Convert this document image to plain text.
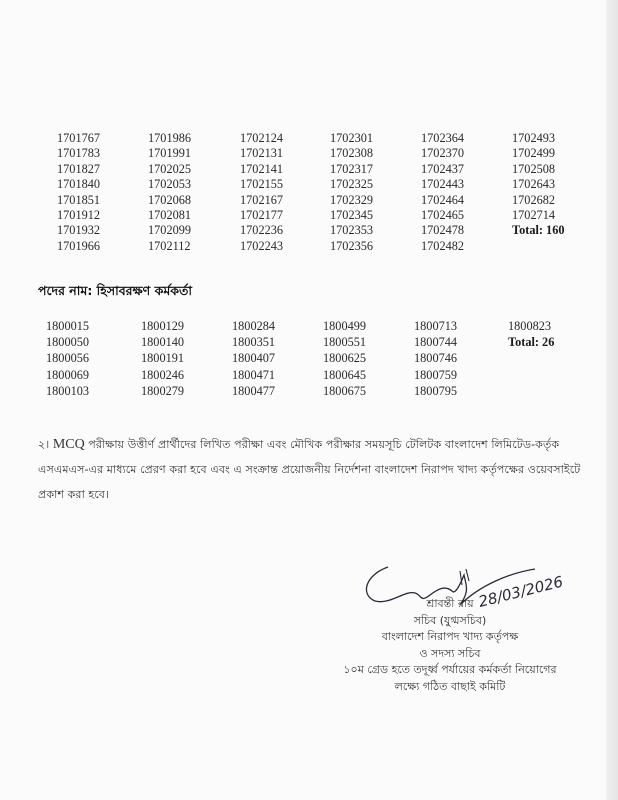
1701767
1701783
1701827
1701840
1701851
1701912
1701932
1701966
1701986
1701991
1702025
1702053
1702068
1702081
1702099
1702112
1702124
1702131
1702141
1702155
1702167
1702177
1702236
1702243
1702301
1702308
1702317
1702325
1702329
1702345
1702353
1702356
1702364
1702370
1702437
1702443
1702464
1702465
1702478
1702482
1702493
1702499
1702508
1702643
1702682
1702714
Total: 160
পদের নাম: হিসাবরক্ষণ কর্মকর্তা
1800015
1800050
1800056
1800069
1800103
1800129
1800140
1800191
1800246
1800279
1800284
1800351
1800407
1800471
1800477
1800499
1800551
1800625
1800645
1800675
1800713
1800744
1800746
1800759
1800795
1800823
Total: 26
২। MCQ পরীক্ষায় উত্তীর্ণ প্রার্থীদের লিখিত পরীক্ষা এবং মৌখিক পরীক্ষার সময়সূচি টেলিটক বাংলাদেশ লিমিটেড-কর্তৃক এসএমএস-এর মাধ্যমে প্রেরণ করা হবে এবং এ সংক্রান্ত প্রয়োজনীয় নির্দেশনা বাংলাদেশ নিরাপদ খাদ্য কর্তৃপক্ষের ওয়েবসাইটে প্রকাশ করা হবে।
28/03/2026
শ্রাবন্তী রায়
সচিব (যুগ্মসচিব)
বাংলাদেশ নিরাপদ খাদ্য কর্তৃপক্ষ
ও সদস্য সচিব
১০ম গ্রেড হতে তদূর্ধ্ব পর্যায়ের কর্মকর্তা নিয়োগের
লক্ষ্যে গঠিত বাছাই কমিটি
